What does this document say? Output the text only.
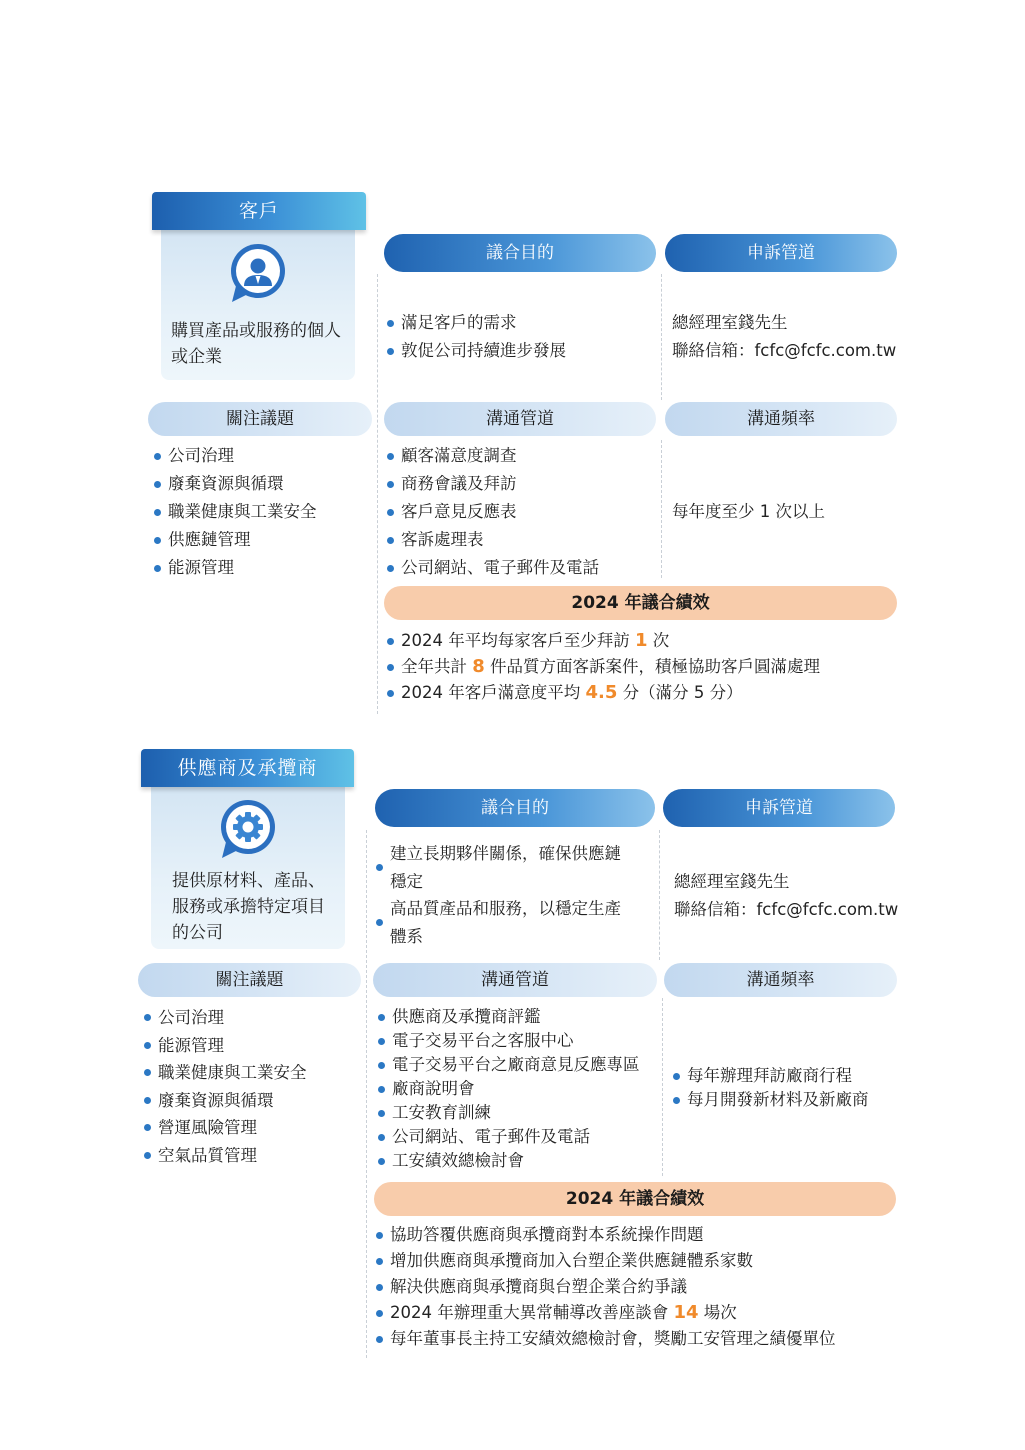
客戶
購買產品或服務的個人
或企業
議合目的	申訴管道
滿足客戶的需求
敦促公司持續進步發展
總經理室錢先生
聯絡信箱：fcfc@fcfc.com.tw
關注議題	溝通管道	溝通頻率
公司治理
廢棄資源與循環
職業健康與工業安全
供應鏈管理
能源管理
顧客滿意度調查
商務會議及拜訪
客戶意見反應表
客訴處理表
公司網站、電子郵件及電話
每年度至少 1 次以上
2024 年議合績效
2024 年平均每家客戶至少拜訪 1 次
全年共計 8 件品質方面客訴案件，積極協助客戶圓滿處理
2024 年客戶滿意度平均 4.5 分（滿分 5 分）
供應商及承攬商
提供原材料、產品、
服務或承擔特定項目
的公司
議合目的	申訴管道
建立長期夥伴關係，確保供應鏈
穩定
高品質產品和服務，以穩定生產
體系
總經理室錢先生
聯絡信箱：fcfc@fcfc.com.tw
關注議題	溝通管道	溝通頻率
公司治理
能源管理
職業健康與工業安全
廢棄資源與循環
營運風險管理
空氣品質管理
供應商及承攬商評鑑
電子交易平台之客服中心
電子交易平台之廠商意見反應專區
廠商說明會
工安教育訓練
公司網站、電子郵件及電話
工安績效總檢討會
每年辦理拜訪廠商行程
每月開發新材料及新廠商
2024 年議合績效
協助答覆供應商與承攬商對本系統操作問題
增加供應商與承攬商加入台塑企業供應鏈體系家數
解決供應商與承攬商與台塑企業合約爭議
2024 年辦理重大異常輔導改善座談會 14 場次
每年董事長主持工安績效總檢討會，獎勵工安管理之績優單位
